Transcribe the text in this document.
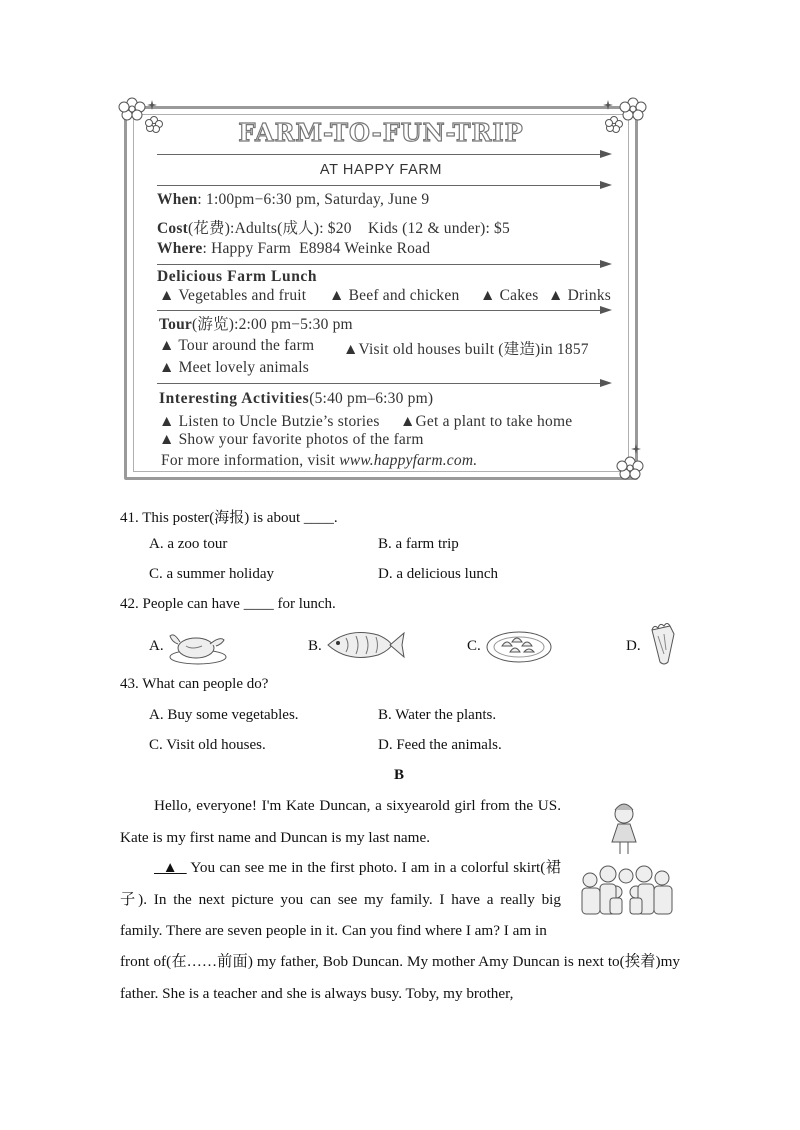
FARM-TO-FUN-TRIP
AT HAPPY FARM
When: 1:00pm−6:30 pm, Saturday, June 9
Cost(花费):Adults(成人): $20    Kids (12 & under): $5
Where: Happy Farm  E8984 Weinke Road
Delicious Farm Lunch
▲ Vegetables and fruit ▲ Beef and chicken ▲ Cakes ▲ Drinks
Tour(游览):2:00 pm−5:30 pm
▲ Tour around the farm ▲Visit old houses built (建造)in 1857
▲ Meet lovely animals
Interesting Activities(5:40 pm–6:30 pm)
▲ Listen to Uncle Butzie’s stories ▲Get a plant to take home
▲ Show your favorite photos of the farm
For more information, visit www.happyfarm.com.
41. This poster(海报) is about ____.
A. a zoo tour	B. a farm trip
C. a summer holiday	D. a delicious lunch
42. People can have ____ for lunch.
A.	B.	C.	D.
43. What can people do?
A. Buy some vegetables.	B. Water the plants.
C. Visit old houses.	D. Feed the animals.
B
Hello, everyone! I'm Kate Duncan, a sixyearold girl from the US. Kate is my first name and Duncan is my last name.
▲   You can see me in the first photo. I am in a colorful skirt(裙子). In the next picture you can see my family. I have a really big family. There are seven people in it. Can you find where I am? I am in
front of(在……前面) my father, Bob Duncan. My mother Amy Duncan is next to(挨着)my father. She is a teacher and she is always busy. Toby, my brother,
